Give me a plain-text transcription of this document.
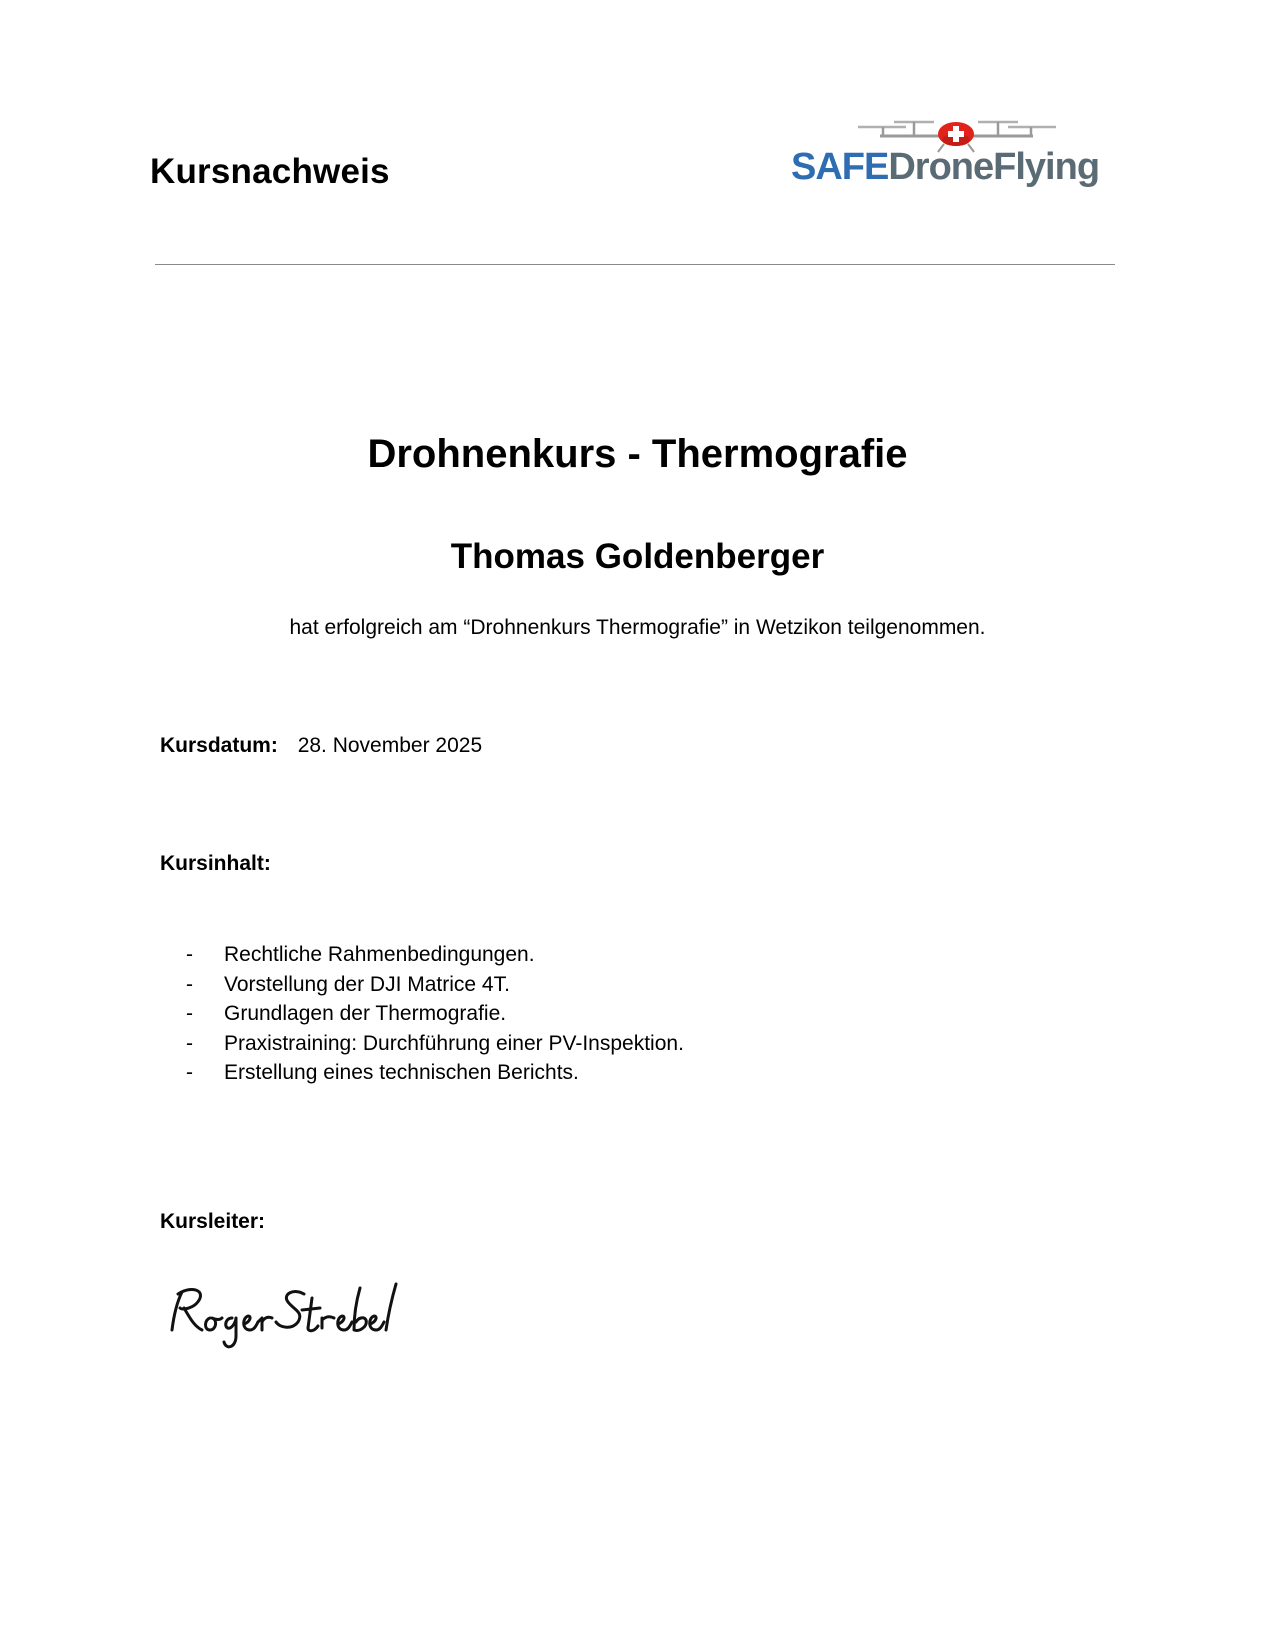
Kursnachweis	SAFEDroneFlying
Drohnenkurs - Thermografie
Thomas Goldenberger
hat erfolgreich am “Drohnenkurs Thermografie” in Wetzikon teilgenommen.
Kursdatum: 28. November 2025
Kursinhalt:
-	Rechtliche Rahmenbedingungen.
-	Vorstellung der DJI Matrice 4T.
-	Grundlagen der Thermografie.
-	Praxistraining: Durchführung einer PV-Inspektion.
-	Erstellung eines technischen Berichts.
Kursleiter:
